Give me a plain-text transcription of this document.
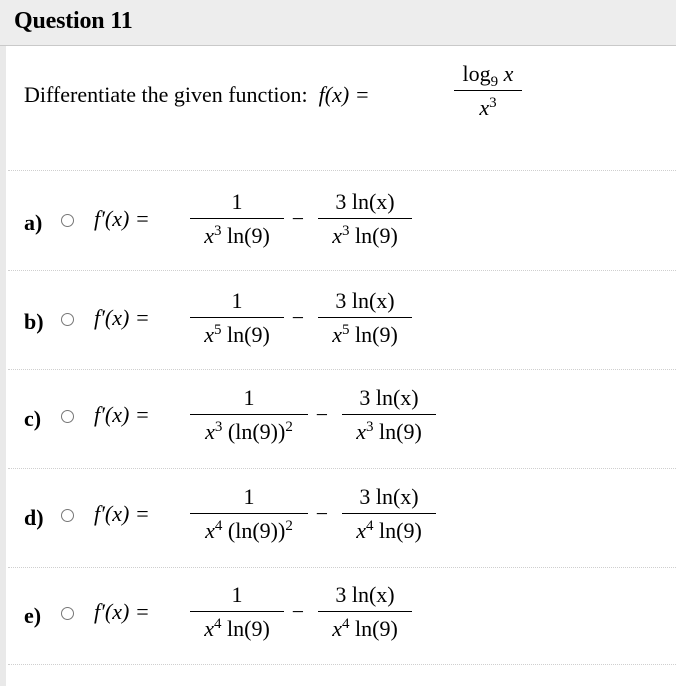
Question 11
Differentiate the given function: f(x) =
$\log_9 x$
$x^3$
a) f′(x) =
1
$x^3$ ln(9)
−
3 ln(x)
$x^3$ ln(9)
b) f′(x) =
1
$x^5$ ln(9)
−
3 ln(x)
$x^5$ ln(9)
c) f′(x) =
1
$x^3$ $(\ln(9))^2$	−
3 ln(x)
$x^3$ ln(9)
d) f′(x) =
1
$x^4$ $(\ln(9))^2$	−
3 ln(x)
$x^4$ ln(9)
e) f′(x) =
1
$x^4$ ln(9)
−
3 ln(x)
$x^4$ ln(9)
